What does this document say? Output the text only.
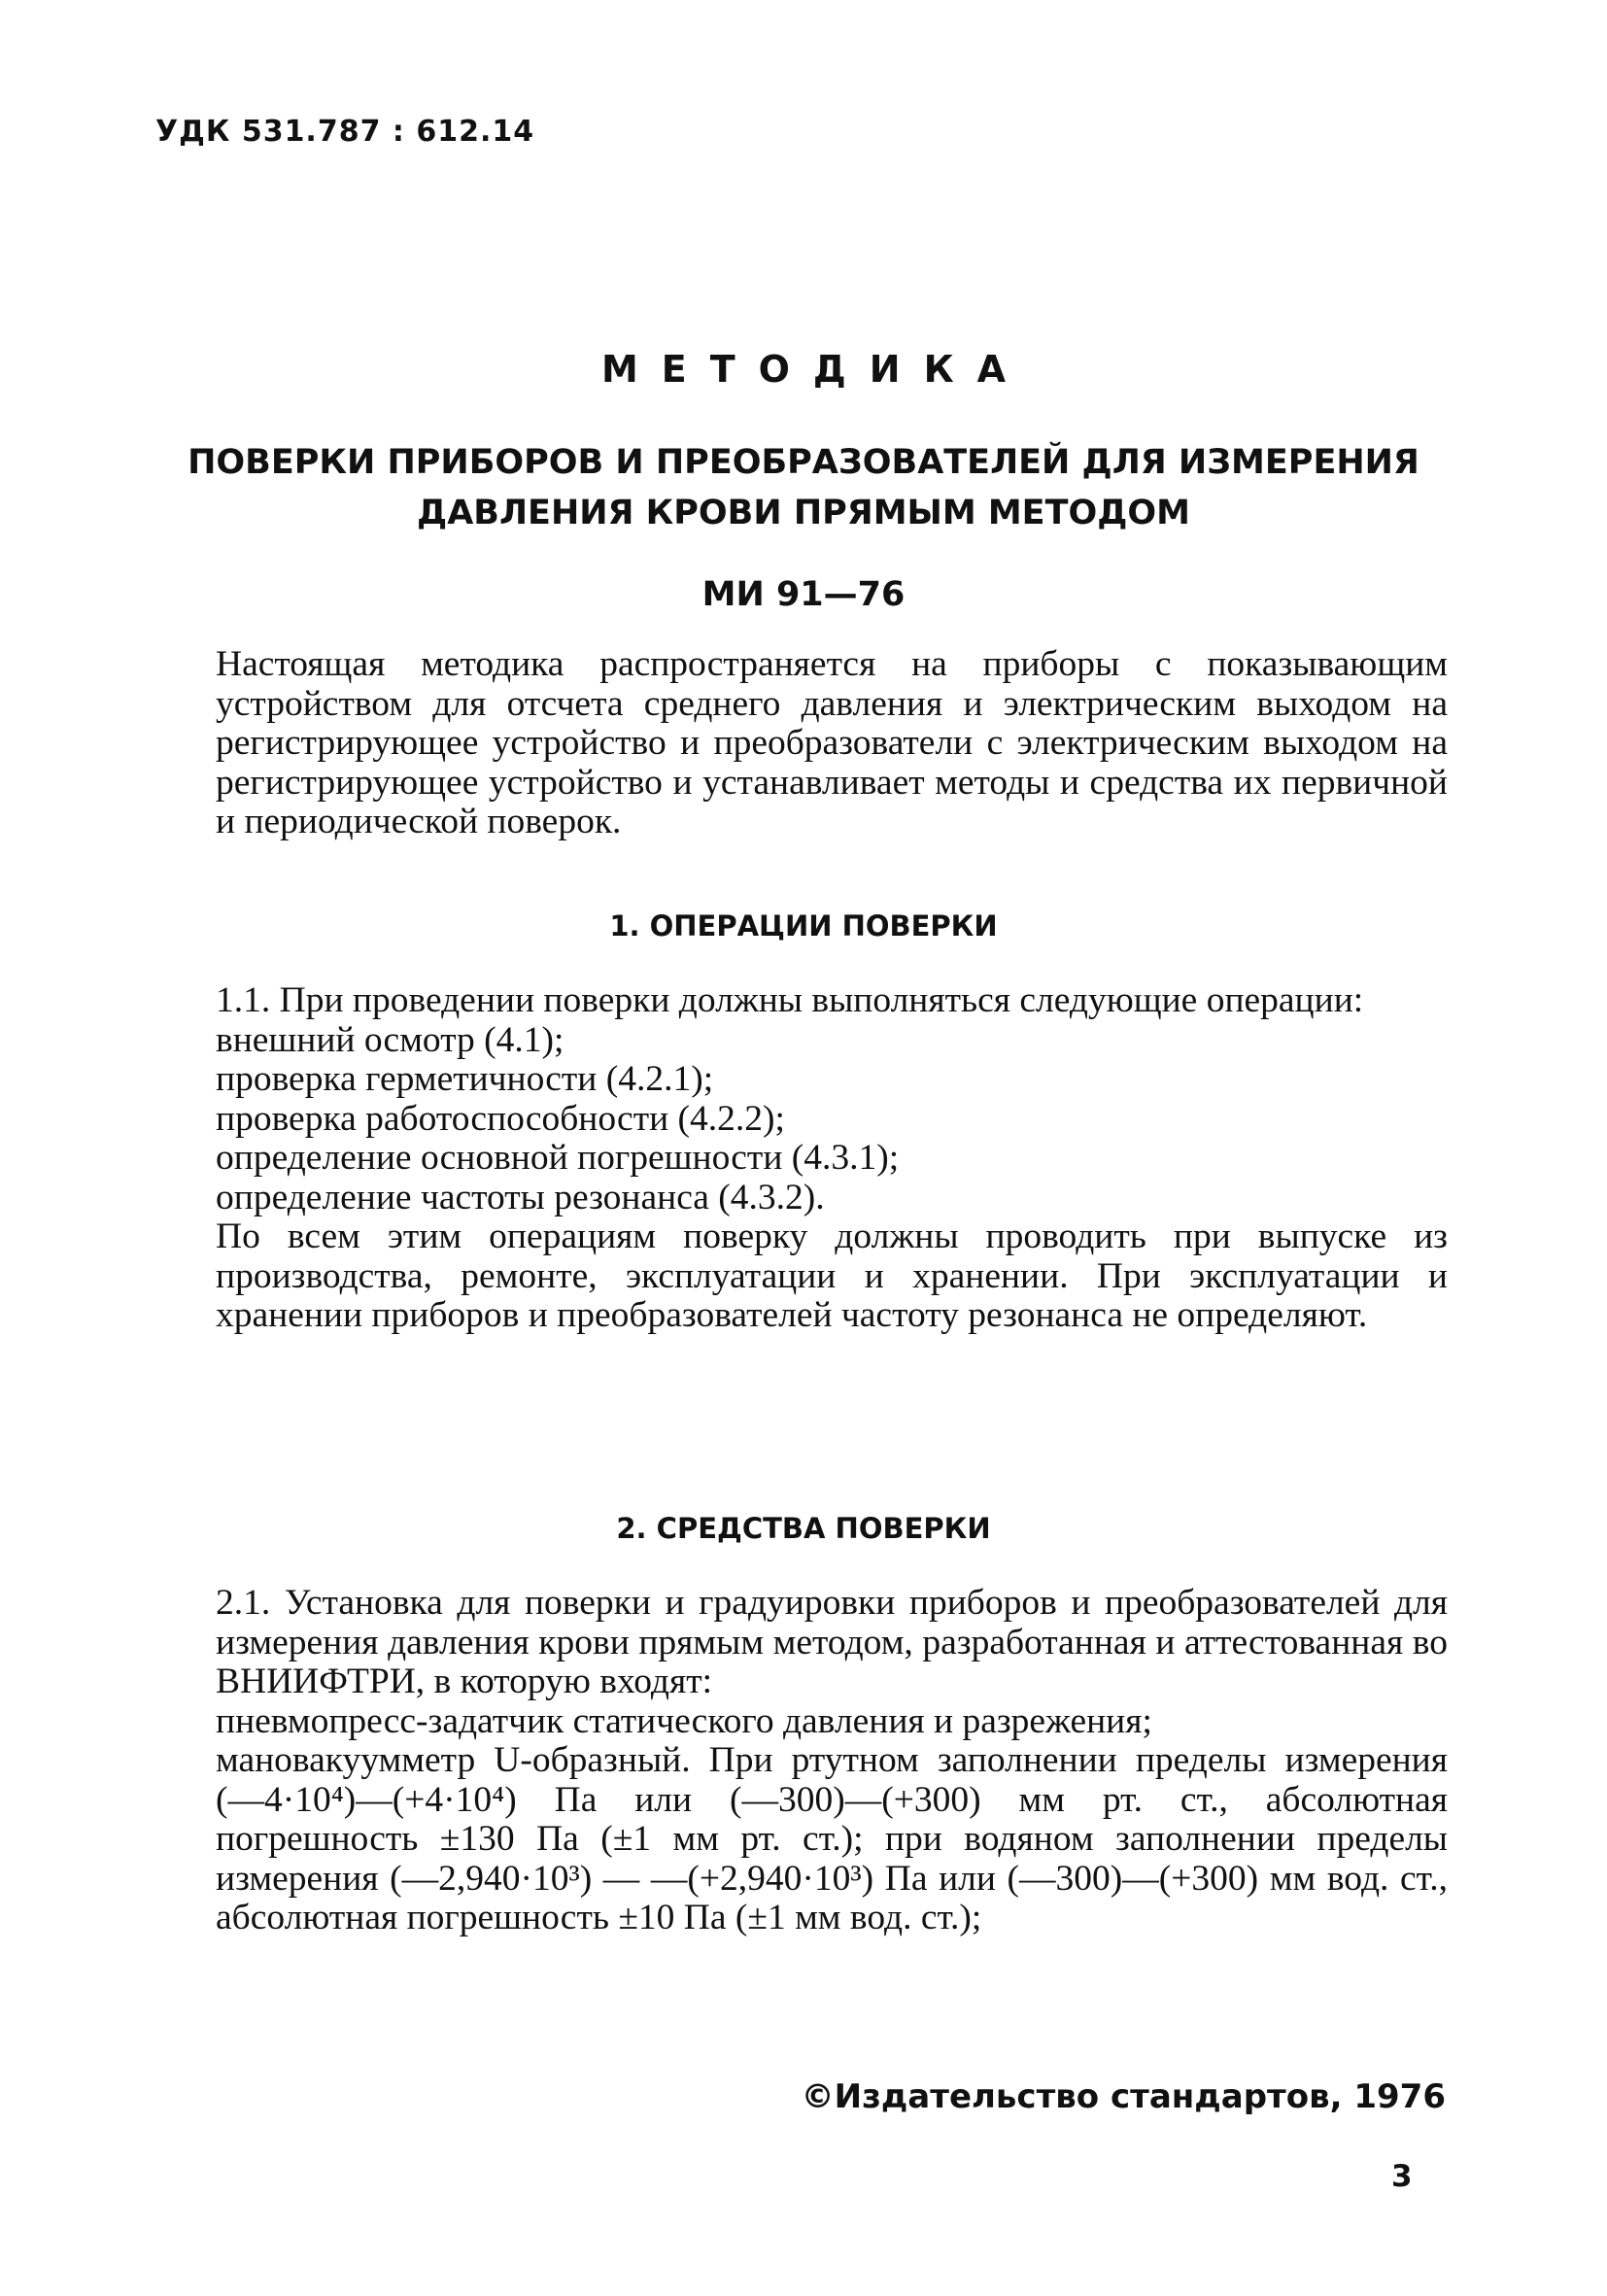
УДК 531.787 : 612.14

МЕТОДИКА
ПОВЕРКИ ПРИБОРОВ И ПРЕОБРАЗОВАТЕЛЕЙ ДЛЯ ИЗМЕРЕНИЯ
ДАВЛЕНИЯ КРОВИ ПРЯМЫМ МЕТОДОМ

МИ 91—76

Настоящая методика распространяется на приборы с показывающим устройством для отсчета среднего давления и электрическим выходом на регистрирующее устройство и преобразователи с электрическим выходом на регистрирующее устройство и устанавливает методы и средства их первичной и периодической поверок.

1. ОПЕРАЦИИ ПОВЕРКИ

1.1. При проведении поверки должны выполняться следующие операции:

внешний осмотр (4.1);
проверка герметичности (4.2.1);
проверка работоспособности (4.2.2);
определение основной погрешности (4.3.1);
определение частоты резонанса (4.3.2).

По всем этим операциям поверку должны проводить при выпуске из производства, ремонте, эксплуатации и хранении. При эксплуатации и хранении приборов и преобразователей частоту резонанса не определяют.

2. СРЕДСТВА ПОВЕРКИ

2.1. Установка для поверки и градуировки приборов и преобразователей для измерения давления крови прямым методом, разработанная и аттестованная во ВНИИФТРИ, в которую входят:

пневмопресс-задатчик статического давления и разрежения;

мановакуумметр U-образный. При ртутном заполнении пределы измерения (—4·10⁴)—(+4·10⁴) Па или (—300)—(+300) мм рт. ст., абсолютная погрешность ±130 Па (±1 мм рт. ст.); при водяном заполнении пределы измерения (—2,940·10³) — —(+2,940·10³) Па или (—300)—(+300) мм вод. ст., абсолютная погрешность ±10 Па (±1 мм вод. ст.);

©Издательство стандартов, 1976

3
